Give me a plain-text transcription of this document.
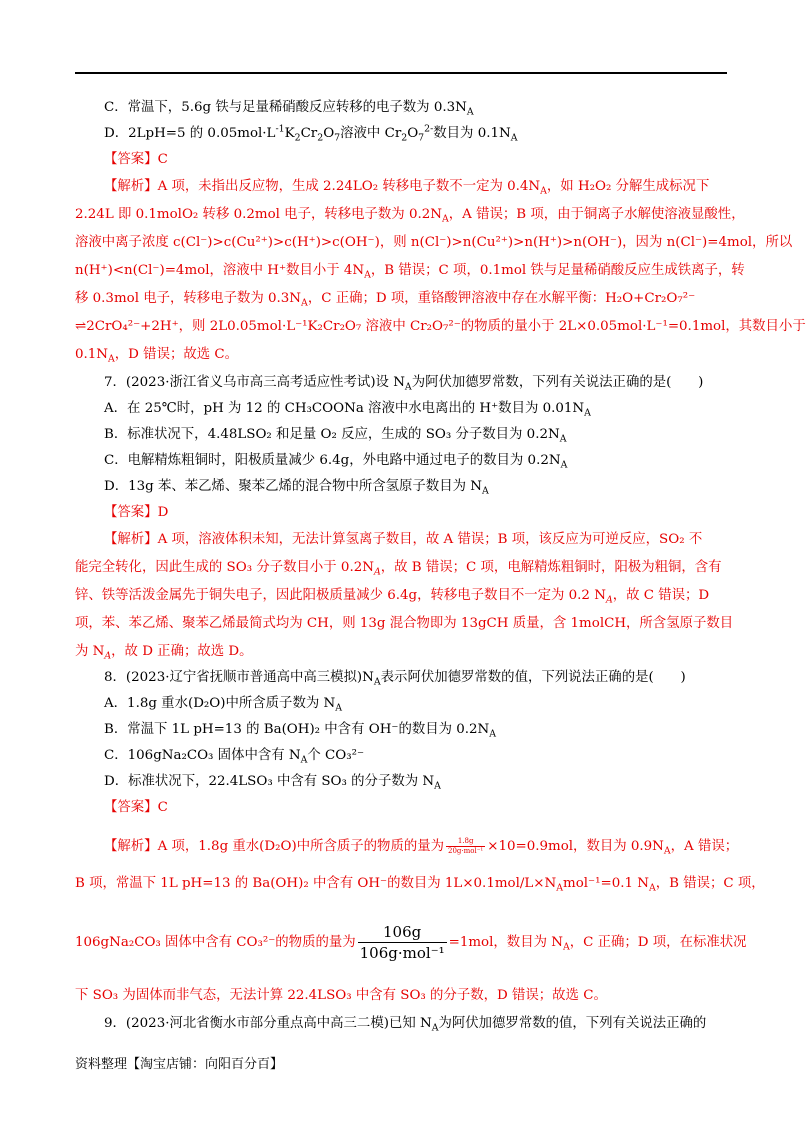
C．常温下，5.6g 铁与足量稀硝酸反应转移的电子数为 $0.3N_A$
D．2LpH=5 的 $0.05mol\cdot L^{-1}K_2Cr_2O_7$溶液中 $Cr_2O_7^{2-}$数目为 $0.1N_A$
【答案】C
【解析】A 项，未指出反应物，生成 2.24LO₂ 转移电子数不一定为 $0.4N_A$，如 H₂O₂ 分解生成标况下
2.24L 即 0.1molO₂ 转移 0.2mol 电子，转移电子数为 $0.2N_A$，A 错误；B 项，由于铜离子水解使溶液显酸性，
溶液中离子浓度 c(Cl⁻)>c(Cu²⁺)>c(H⁺)>c(OH⁻)，则 n(Cl⁻)>n(Cu²⁺)>n(H⁺)>n(OH⁻)，因为 n(Cl⁻)=4mol，所以
n(H⁺)<n(Cl⁻)=4mol，溶液中 H⁺数目小于 $4N_A$，B 错误；C 项，0.1mol 铁与足量稀硝酸反应生成铁离子，转
移 0.3mol 电子，转移电子数为 $0.3N_A$，C 正确；D 项，重铬酸钾溶液中存在水解平衡：H₂O+Cr₂O₇²⁻
⇌2CrO₄²⁻+2H⁺，则 2L0.05mol·L⁻¹K₂Cr₂O₇ 溶液中 Cr₂O₇²⁻的物质的量小于 2L×0.05mol·L⁻¹=0.1mol，其数目小于
$0.1N_A$，D 错误；故选 C。
7．(2023·浙江省义乌市高三高考适应性考试)设 $N_A$为阿伏加德罗常数，下列有关说法正确的是(　　)
A．在 25℃时，pH 为 12 的 CH₃COONa 溶液中水电离出的 H⁺数目为 $0.01N_A$
B．标准状况下，4.48LSO₂ 和足量 O₂ 反应，生成的 SO₃ 分子数目为 $0.2N_A$
C．电解精炼粗铜时，阳极质量减少 6.4g，外电路中通过电子的数目为 $0.2N_A$
D．13g 苯、苯乙烯、聚苯乙烯的混合物中所含氢原子数目为 $N_A$
【答案】D
【解析】A 项，溶液体积未知，无法计算氢离子数目，故 A 错误；B 项，该反应为可逆反应，SO₂ 不
能完全转化，因此生成的 SO₃ 分子数目小于 $0.2N_A$，故 B 错误；C 项，电解精炼粗铜时，阳极为粗铜，含有
锌、铁等活泼金属先于铜失电子，因此阳极质量减少 6.4g，转移电子数目不一定为 0.2 $N_A$，故 C 错误；D
项，苯、苯乙烯、聚苯乙烯最简式均为 CH，则 13g 混合物即为 13gCH 质量，含 1molCH，所含氢原子数目
为 $N_A$，故 D 正确；故选 D。
8．(2023·辽宁省抚顺市普通高中高三模拟)$N_A$表示阿伏加德罗常数的值，下列说法正确的是(　　)
A．1.8g 重水(D₂O)中所含质子数为 $N_A$
B．常温下 1L pH=13 的 Ba(OH)₂ 中含有 OH⁻的数目为 $0.2N_A$
C．106gNa₂CO₃ 固体中含有 $N_A$个 CO₃²⁻
D．标准状况下，22.4LSO₃ 中含有 SO₃ 的分子数为 $N_A$
【答案】C
【解析】A 项，1.8g 重水(D₂O)中所含质子的物质的量为 $\frac{1.8g}{\text{20g·mol⁻¹}} \times 10=0.9mol$，数目为 $0.9N_A$，A 错误；
B 项，常温下 1L pH=13 的 Ba(OH)₂ 中含有 OH⁻的数目为 $1L\times 0.1mol/L\times N_Amol^{-1}=0.1$ $N_A$，B 错误；C 项，
106gNa₂CO₃ 固体中含有 CO₃²⁻的物质的量为 $\frac{106g}{\text{106g·mol⁻¹}} =1mol$，数目为 $N_A$，C 正确；D 项，在标准状况
下 SO₃ 为固体而非气态，无法计算 22.4LSO₃ 中含有 SO₃ 的分子数，D 错误；故选 C。
9．(2023·河北省衡水市部分重点高中高三二模)已知 $N_A$为阿伏加德罗常数的值，下列有关说法正确的
资料整理【淘宝店铺：向阳百分百】
